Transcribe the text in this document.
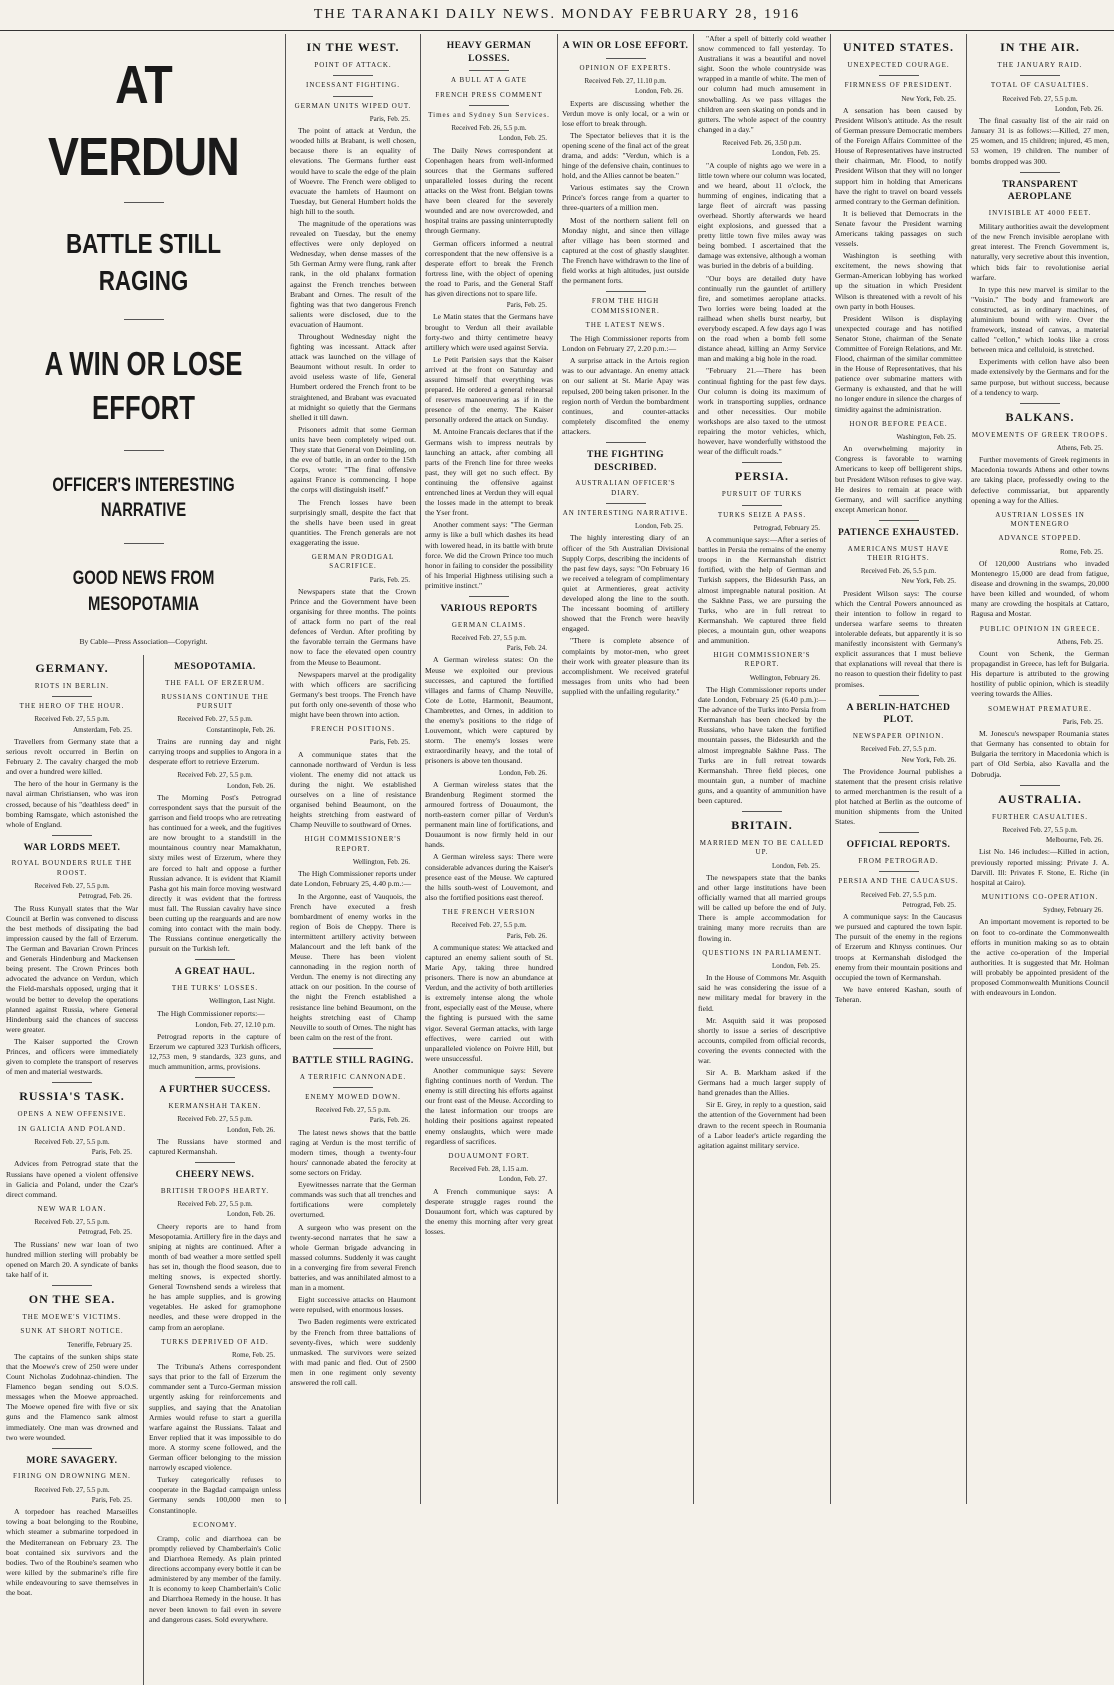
THE TARANAKI DAILY NEWS. MONDAY FEBRUARY 28, 1916
AT VERDUN
BATTLE STILL RAGING
A WIN OR LOSE EFFORT
OFFICER'S INTERESTING NARRATIVE
GOOD NEWS FROM MESOPOTAMIA
By Cable—Press Association—Copyright.
GERMANY.
RIOTS IN BERLIN.
THE HERO OF THE HOUR.
Received Feb. 27, 5.5 p.m.
Amsterdam, Feb. 25.

Travellers from Germany state that a serious revolt occurred in Berlin on February 2. The cavalry charged the mob and over a hundred were killed.

The hero of the hour in Germany is the naval airman Christiansen, who was iron crossed, because of his "deathless deed" in bombing Ramsgate, which astonished the whole of England.

WAR LORDS MEET.
ROYAL BOUNDERS RULE THE ROOST.
Received Feb. 27, 5.5 p.m.
Petrograd, Feb. 26.

The Russ Kunyall states that the War Council at Berlin was convened to discuss the best methods of dissipating the bad impression caused by the fall of Erzerum. The German and Bavarian Crown Princes and Generals Hindenburg and Mackensen being present. The Crown Princes both advocated the advance on Verdun, which the Field-marshals opposed, urging that it would be better to develop the operations planned against Russia, where General Hindenburg said the chances of success were greater.

The Kaiser supported the Crown Princes, and officers were immediately given to complete the transport of reserves of men and material westwards.

RUSSIA'S TASK.
OPENS A NEW OFFENSIVE.
IN GALICIA AND POLAND.
Received Feb. 27, 5.5 p.m.
Paris, Feb. 25.

Advices from Petrograd state that the Russians have opened a violent offensive in Galicia and Poland, under the Czar's direct command.

NEW WAR LOAN.
Received Feb. 27, 5.5 p.m.
Petrograd, Feb. 25.

The Russians' new war loan of two hundred million sterling will probably be opened on March 20. A syndicate of banks take half of it.

ON THE SEA.
THE MOEWE'S VICTIMS.
SUNK AT SHORT NOTICE.
Teneriffe, February 25.

The captains of the sunken ships state that the Moewe's crew of 250 were under Count Nicholas Zudohnaz-chindien. The Flamenco began sending out S.O.S. messages when the Moewe approached. The Moewe opened fire with five or six guns and the Flamenco sank almost immediately. One man was drowned and two were wounded.

MORE SAVAGERY.
FIRING ON DROWNING MEN.
Received Feb. 27, 5.5 p.m.
Paris, Feb. 25.

A torpedoer has reached Marseilles towing a boat belonging to the Roubine, which steamer a submarine torpedoed in the Mediterranean on February 23. The boat contained six survivors and the bodies. Two of the Roubine's seamen who were killed by the submarine's rifle fire while endeavouring to save themselves in the boat.

MESOPOTAMIA.
THE FALL OF ERZERUM.
RUSSIANS CONTINUE THE PURSUIT
Received Feb. 27, 5.5 p.m.
Constantinople, Feb. 26.

Trains are running day and night carrying troops and supplies to Angora in a desperate effort to retrieve Erzerum.

Received Feb. 27, 5.5 p.m.
London, Feb. 26.

The Morning Post's Petrograd correspondent says that the pursuit of the garrison and field troops who are retreating has continued for a week, and the fugitives are now brought to a standstill in the mountainous country near Mamakhatun, sixty miles west of Erzerum, where they are forced to halt and oppose a further Russian advance. It is evident that Kiamil Pasha got his main force moving westward directly it was evident that the fortress must fall. The Russian cavalry have since been cutting up the rearguards and are now coming into contact with the main body. The Russians continue energetically the pursuit on the Turkish left.

A GREAT HAUL.
THE TURKS' LOSSES.
Wellington, Last Night.

The High Commissioner reports:—

London, Feb. 27, 12.10 p.m.

Petrograd reports in the capture of Erzerum we captured 323 Turkish officers, 12,753 men, 9 standards, 323 guns, and much ammunition, arms, provisions.

A FURTHER SUCCESS.
KERMANSHAH TAKEN.
Received Feb. 27, 5.5 p.m.
London, Feb. 26.

The Russians have stormed and captured Kermanshah.

CHEERY NEWS.
BRITISH TROOPS HEARTY.
Received Feb. 27, 5.5 p.m.
London, Feb. 26.

Cheery reports are to hand from Mesopotamia. Artillery fire in the days and sniping at nights are continued. After a month of bad weather a more settled spell has set in, though the flood season, due to melting snows, is expected shortly. General Townshend sends a wireless that he has ample supplies, and is growing vegetables. He asked for gramophone needles, and these were dropped in the camp from an aeroplane.

TURKS DEPRIVED OF AID.
Rome, Feb. 25.

The Tribuna's Athens correspondent says that prior to the fall of Erzerum the commander sent a Turco-German mission urgently asking for reinforcements and supplies, and saying that the Anatolian Armies would refuse to start a guerilla warfare against the Russians. Talaat and Enver replied that it was impossible to do more. A stormy scene followed, and the German officer belonging to the mission narrowly escaped violence.

Turkey categorically refuses to cooperate in the Bagdad campaign unless Germany sends 100,000 men to Constantinople.

ECONOMY.

Cramp, colic and diarrhoea can be promptly relieved by Chamberlain's Colic and Diarrhoea Remedy. As plain printed directions accompany every bottle it can be administered by any member of the family. It is economy to keep Chamberlain's Colic and Diarrhoea Remedy in the house. It has never been known to fail even in severe and dangerous cases. Sold everywhere.

IN THE WEST.
POINT OF ATTACK.
INCESSANT FIGHTING.
GERMAN UNITS WIPED OUT.
Paris, Feb. 25.

The point of attack at Verdun, the wooded hills at Brabant, is well chosen, because there is an equality of elevations. The Germans further east would have to scale the edge of the plain of Woevre. The French were obliged to evacuate the hamlets of Haumont on Tuesday, but General Humbert holds the high hill to the south.

The magnitude of the operations was revealed on Tuesday, but the enemy effectives were only deployed on Wednesday, when dense masses of the 5th German Army were flung, rank after rank, in the old phalanx formation against the French trenches between Brabant and Ornes. The result of the fighting was that two dangerous French salients were disclosed, due to the evacuation of Haumont.

Throughout Wednesday night the fighting was incessant. Attack after attack was launched on the village of Beaumont without result. In order to avoid useless waste of life, General Humbert ordered the French front to be straightened, and Brabant was evacuated at midnight so quietly that the Germans shelled it till dawn.

Prisoners admit that some German units have been completely wiped out. They state that General von Deimling, on the eve of battle, in an order to the 15th Corps, wrote: "The final offensive against France is commencing. I hope the corps will distinguish itself."

The French losses have been surprisingly small, despite the fact that the shells have been used in great quantities. The French generals are not exaggerating the issue.

GERMAN PRODIGAL SACRIFICE.
Paris, Feb. 25.

Newspapers state that the Crown Prince and the Government have been organising for three months. The points of attack form no part of the real defences of Verdun. After profiting by the favorable terrain the Germans have now to face the elevated open country from the Meuse to Beaumont.

Newspapers marvel at the prodigality with which officers are sacrificing Germany's best troops. The French have put forth only one-seventh of those who might have been thrown into action.

FRENCH POSITIONS.
Paris, Feb. 25.

A communique states that the cannonade northward of Verdun is less violent. The enemy did not attack us during the night. We established ourselves on a line of resistance organised behind Beaumont, on the heights stretching from eastward of Champ Neuville to southward of Ornes.

HIGH COMMISSIONER'S REPORT.
Wellington, Feb. 26.

The High Commissioner reports under date London, February 25, 4.40 p.m.:—

In the Argonne, east of Vauquois, the French have executed a fresh bombardment of enemy works in the region of Bois de Cheppy. There is intermittent artillery activity between Malancourt and the left bank of the Meuse. There has been violent cannonading in the region north of Verdun. The enemy is not directing any attack on our position. In the course of the night the French established a resistance line behind Beaumont, on the heights stretching east of Champ Neuville to south of Ornes. The night has been calm on the rest of the front.

BATTLE STILL RAGING.
A TERRIFIC CANNONADE.
ENEMY MOWED DOWN.
Received Feb. 27, 5.5 p.m.
Paris, Feb. 26.

The latest news shows that the battle raging at Verdun is the most terrific of modern times, though a twenty-four hours' cannonade abated the ferocity at some sectors on Friday.

Eyewitnesses narrate that the German commands was such that all trenches and fortifications were completely overturned.

A surgeon who was present on the twenty-second narrates that he saw a whole German brigade advancing in massed columns. Suddenly it was caught in a converging fire from several French batteries, and was annihilated almost to a man in a moment.

Eight successive attacks on Haumont were repulsed, with enormous losses.

Two Baden regiments were extricated by the French from three battalions of seventy-fives, which were suddenly unmasked. The survivors were seized with mad panic and fled. Out of 2500 men in one regiment only seventy answered the roll call.

HEAVY GERMAN LOSSES.
A BULL AT A GATE
FRENCH PRESS COMMENT
Times and Sydney Sun Services.
Received Feb. 26, 5.5 p.m.
London, Feb. 25.

The Daily News correspondent at Copenhagen hears from well-informed sources that the Germans suffered unparalleled losses during the recent attacks on the West front. Belgian towns have been cleared for the severely wounded and are now overcrowded, and hospital trains are passing uninterruptedly through Germany.

German officers informed a neutral correspondent that the new offensive is a desperate effort to break the French fortress line, with the object of opening the road to Paris, and the General Staff has given directions not to spare life.

Paris, Feb. 25.

Le Matin states that the Germans have brought to Verdun all their available forty-two and thirty centimetre heavy artillery which were used against Servia.

Le Petit Parisien says that the Kaiser arrived at the front on Saturday and assured himself that everything was prepared. He ordered a general rehearsal of reserves manoeuvering as if in the presence of the enemy. The Kaiser personally ordered the attack on Sunday.

M. Antoine Francais declares that if the Germans wish to impress neutrals by launching an attack, after combing all parts of the French line for three weeks past, they will get no such effect. By continuing the offensive against entrenched lines at Verdun they will equal the losses made in the attempt to break the Yser front.

Another comment says: "The German army is like a bull which dashes its head with lowered head, in its battle with brute force. We did the Crown Prince too much honor in failing to consider the possibility of his Imperial Highness utilising such a primitive instinct."

VARIOUS REPORTS
GERMAN CLAIMS.
Received Feb. 27, 5.5 p.m.
Paris, Feb. 24.

A German wireless states: On the Meuse we exploited our previous successes, and captured the fortified villages and farms of Champ Neuville, Cote de Lotte, Harmonit, Beaumont, Chambrettes, and Ornes, in addition to the enemy's positions to the ridge of Louvemont, which were captured by storm. The enemy's losses were extraordinarily heavy, and the total of prisoners is above ten thousand.

London, Feb. 26.

A German wireless states that the Brandenburg Regiment stormed the armoured fortress of Douaumont, the north-eastern corner pillar of Verdun's permanent main line of fortifications, and Douaumont is now firmly held in our hands.

A German wireless says: There were considerable advances during the Kaiser's presence east of the Meuse. We captured the hills south-west of Louvemont, and also the fortified positions east thereof.

THE FRENCH VERSION
Received Feb. 27, 5.5 p.m.
Paris, Feb. 26.

A communique states: We attacked and captured an enemy salient south of St. Marie Apy, taking three hundred prisoners. There is now an abundance at Verdun, and the activity of both artilleries is extremely intense along the whole front, especially east of the Meuse, where the fighting is pursued with the same vigor. Several German attacks, with large effectives, were carried out with unparalleled violence on Poivre Hill, but were unsuccessful.

Another communique says: Severe fighting continues north of Verdun. The enemy is still directing his efforts against our front east of the Meuse. According to the latest information our troops are holding their positions against repeated enemy onslaughts, which were made regardless of sacrifices.

DOUAUMONT FORT.
Received Feb. 28, 1.15 a.m.
London, Feb. 27.

A French communique says: A desperate struggle rages round the Douaumont fort, which was captured by the enemy this morning after very great losses.

A WIN OR LOSE EFFORT.
OPINION OF EXPERTS.
Received Feb. 27, 11.10 p.m.
London, Feb. 26.

Experts are discussing whether the Verdun move is only local, or a win or lose effort to break through.

The Spectator believes that it is the opening scene of the final act of the great drama, and adds: "Verdun, which is a hinge of the defensive chain, continues to hold, and the Allies cannot be beaten."

Various estimates say the Crown Prince's forces range from a quarter to three-quarters of a million men.

Most of the northern salient fell on Monday night, and since then village after village has been stormed and captured at the cost of ghastly slaughter. The French have withdrawn to the line of field works at high altitudes, just outside the permanent forts.

FROM THE HIGH COMMISSIONER.
THE LATEST NEWS.

The High Commissioner reports from London on February 27, 2.20 p.m.:—

A surprise attack in the Artois region was to our advantage. An enemy attack on our salient at St. Marie Apay was repulsed, 200 being taken prisoner. In the region north of Verdun the bombardment continues, and counter-attacks completely discomfited the enemy attackers.

THE FIGHTING DESCRIBED.
AUSTRALIAN OFFICER'S DIARY.
AN INTERESTING NARRATIVE.
London, Feb. 25.

The highly interesting diary of an officer of the 5th Australian Divisional Supply Corps, describing the incidents of the past few days, says: "On February 16 we received a telegram of complimentary quiet at Armentieres, great activity developed along the line to the south. The incessant booming of artillery showed that the French were heavily engaged.

"There is complete absence of complaints by motor-men, who greet their work with greater pleasure than its accomplishment. We received grateful messages from units who had been supplied with the unfailing regularity."

"After a spell of bitterly cold weather snow commenced to fall yesterday. To Australians it was a beautiful and novel sight. Soon the whole countryside was wrapped in a mantle of white. The men of our column had much amusement in snowballing. As we pass villages the children are seen skating on ponds and in gutters. The whole aspect of the country changed in a day."

Received Feb. 26, 3.50 p.m.
London, Feb. 25.

"A couple of nights ago we were in a little town where our column was located, and we heard, about 11 o'clock, the humming of engines, indicating that a large fleet of aircraft was passing overhead. Shortly afterwards we heard eight explosions, and guessed that a pretty little town five miles away was being bombed. I ascertained that the damage was extensive, although a woman was buried in the debris of a building.

"Our boys are detailed duty have continually run the gauntlet of artillery fire, and sometimes aeroplane attacks. Two lorries were being loaded at the railhead when shells burst nearby, but everybody escaped. A few days ago I was on the road when a bomb fell some distance ahead, killing an Army Service man and making a big hole in the road.

"February 21.—There has been continual fighting for the past few days. Our column is doing its maximum of work in transporting supplies, ordnance and other necessities. Our mobile workshops are also taxed to the utmost repairing the motor vehicles, which, however, have wonderfully withstood the wear of the difficult roads."

PERSIA.
PURSUIT OF TURKS
TURKS SEIZE A PASS.
Petrograd, February 25.

A communique says:—After a series of battles in Persia the remains of the enemy troops in the Kermanshah district fortified, with the help of German and Turkish sappers, the Bidesurkh Pass, an almost impregnable natural position. At the Sakhne Pass, we are pursuing the Turks, who are in full retreat to Kermanshah. We captured three field pieces, a mountain gun, other weapons and ammunition.

HIGH COMMISSIONER'S REPORT.
Wellington, February 26.

The High Commissioner reports under date London, February 25 (6.40 p.m.):— The advance of the Turks into Persia from Kermanshah has been checked by the Russians, who have taken the fortified mountain passes, the Bidesurkh and the almost impregnable Sakhne Pass. The Turks are in full retreat towards Kermanshah. Three field pieces, one mountain gun, a number of machine guns, and a quantity of ammunition have been captured.

BRITAIN.
MARRIED MEN TO BE CALLED UP.
London, Feb. 25.

The newspapers state that the banks and other large institutions have been officially warned that all married groups will be called up before the end of July. There is ample accommodation for training many more recruits than are flowing in.

QUESTIONS IN PARLIAMENT.
London, Feb. 25.

In the House of Commons Mr. Asquith said he was considering the issue of a new military medal for bravery in the field.

Mr. Asquith said it was proposed shortly to issue a series of descriptive accounts, compiled from official records, covering the events connected with the war.

Sir A. B. Markham asked if the Germans had a much larger supply of hand grenades than the Allies.

Sir E. Grey, in reply to a question, said the attention of the Government had been drawn to the recent speech in Roumania of a Labor leader's article regarding the agitation against military service.

UNITED STATES.
UNEXPECTED COURAGE.
FIRMNESS OF PRESIDENT.
New York, Feb. 25.

A sensation has been caused by President Wilson's attitude. As the result of German pressure Democratic members of the Foreign Affairs Committee of the House of Representatives have instructed their chairman, Mr. Flood, to notify President Wilson that they will no longer support him in holding that Americans have the right to travel on board vessels armed contrary to the German definition.

It is believed that Democrats in the Senate favour the President warning Americans taking passages on such vessels.

Washington is seething with excitement, the news showing that German-American lobbying has worked up the situation in which President Wilson is threatened with a revolt of his own party in both Houses.

President Wilson is displaying unexpected courage and has notified Senator Stone, chairman of the Senate Committee of Foreign Relations, and Mr. Flood, chairman of the similar committee in the House of Representatives, that his patience over submarine matters with Germany is exhausted, and that he will no longer endure in silence the charges of timidity against the administration.

HONOR BEFORE PEACE.
Washington, Feb. 25.

An overwhelming majority in Congress is favorable to warning Americans to keep off belligerent ships, but President Wilson refuses to give way. He desires to remain at peace with Germany, and will sacrifice anything except American honor.

PATIENCE EXHAUSTED.
AMERICANS MUST HAVE THEIR RIGHTS.
Received Feb. 26, 5.5 p.m.
New York, Feb. 25.

President Wilson says: The course which the Central Powers announced as their intention to follow in regard to undersea warfare seems to threaten intolerable defeats, but apparently it is so manifestly inconsistent with Germany's explicit assurances that I must believe that explanations will reveal that there is no reason to question their fidelity to past promises.

A BERLIN-HATCHED PLOT.
NEWSPAPER OPINION.
Received Feb. 27, 5.5 p.m.
New York, Feb. 26.

The Providence Journal publishes a statement that the present crisis relative to armed merchantmen is the result of a plot hatched at Berlin as the outcome of munition shipments from the United States.

OFFICIAL REPORTS.
FROM PETROGRAD.
PERSIA AND THE CAUCASUS.
Received Feb. 27, 5.5 p.m.
Petrograd, Feb. 25.

A communique says: In the Caucasus we pursued and captured the town Ispir. The pursuit of the enemy in the regions of Erzerum and Khnyss continues. Our troops at Kermanshah dislodged the enemy from their mountain positions and occupied the town of Kermanshah.

We have entered Kashan, south of Teheran.

IN THE AIR.
THE JANUARY RAID.
TOTAL OF CASUALTIES.
Received Feb. 27, 5.5 p.m.
London, Feb. 26.

The final casualty list of the air raid on January 31 is as follows:—Killed, 27 men, 25 women, and 15 children; injured, 45 men, 53 women, 19 children. The number of bombs dropped was 300.

TRANSPARENT AEROPLANE
INVISIBLE AT 4000 FEET.

Military authorities await the development of the new French invisible aeroplane with great interest. The French Government is, naturally, very secretive about this invention, which bids fair to revolutionise aerial warfare.

In type this new marvel is similar to the "Voisin." The body and framework are constructed, as in ordinary machines, of aluminium bound with wire. Over the framework, instead of canvas, a material called "cellon," which looks like a cross between mica and celluloid, is stretched.

Experiments with cellon have also been made extensively by the Germans and for the same purpose, but without success, because of a tendency to warp.

BALKANS.
MOVEMENTS OF GREEK TROOPS.
Athens, Feb. 25.

Further movements of Greek regiments in Macedonia towards Athens and other towns are taking place, professedly owing to the defective commissariat, but apparently opening a way for the Allies.

AUSTRIAN LOSSES IN MONTENEGRO
ADVANCE STOPPED.
Rome, Feb. 25.

Of 120,000 Austrians who invaded Montenegro 15,000 are dead from fatigue, disease and drowning in the swamps, 20,000 have been killed and wounded, of whom many are crowding the hospitals at Cattaro, Ragusa and Mostar.

PUBLIC OPINION IN GREECE.
Athens, Feb. 25.

Count von Schenk, the German propagandist in Greece, has left for Bulgaria. His departure is attributed to the growing hostility of public opinion, which is steadily veering towards the Allies.

SOMEWHAT PREMATURE.
Paris, Feb. 25.

M. Jonescu's newspaper Roumania states that Germany has consented to obtain for Bulgaria the territory in Macedonia which is part of Old Serbia, also Kavalla and the Dobrudja.

AUSTRALIA.
FURTHER CASUALTIES.
Received Feb. 27, 5.5 p.m.
Melbourne, Feb. 26.

List No. 146 includes:—Killed in action, previously reported missing: Private J. A. Darvill. Ill: Privates F. Stone, E. Riche (in hospital at Cairo).

MUNITIONS CO-OPERATION.
Sydney, February 26.

An important movement is reported to be on foot to co-ordinate the Commonwealth efforts in munition making so as to obtain the active co-operation of the Imperial authorities. It is suggested that Mr. Holman will probably be appointed president of the proposed Commonwealth Munitions Council with endeavours in London.
